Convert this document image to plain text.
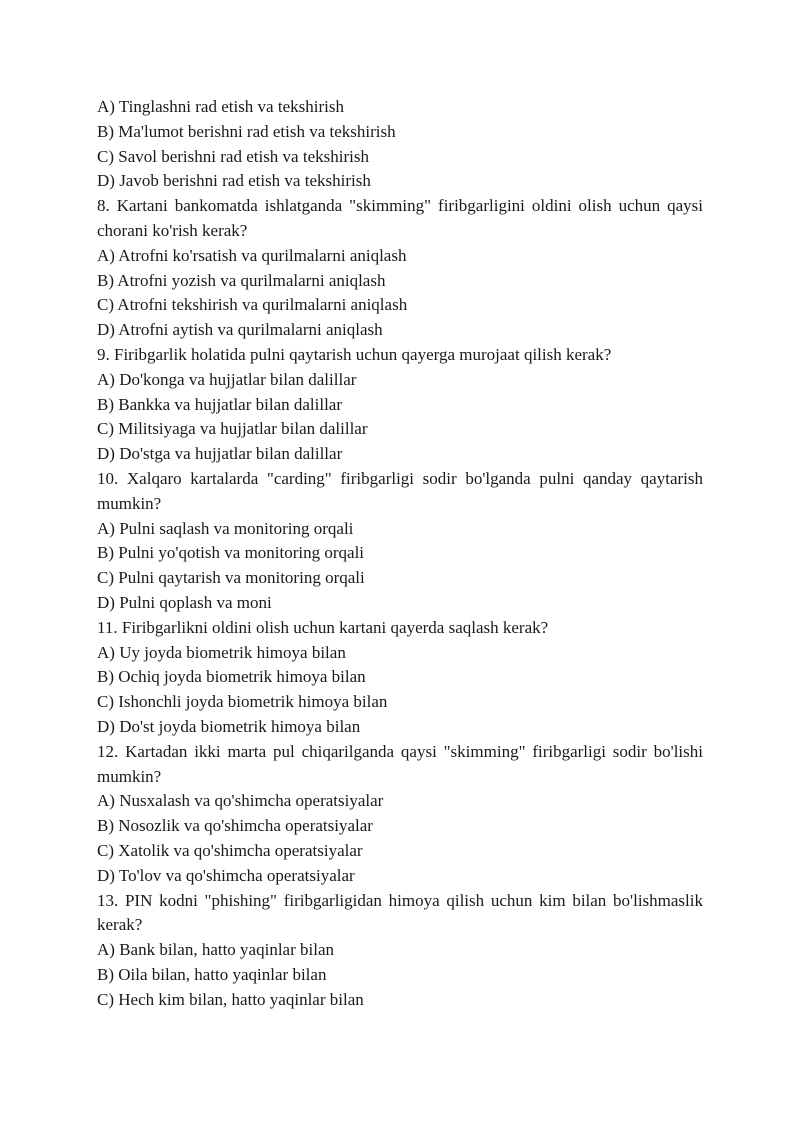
A) Tinglashni rad etish va tekshirish
B) Ma'lumot berishni rad etish va tekshirish
C) Savol berishni rad etish va tekshirish
D) Javob berishni rad etish va tekshirish
8. Kartani bankomatda ishlatganda "skimming" firibgarligini oldini olish uchun qaysi chorani ko'rish kerak?
A) Atrofni ko'rsatish va qurilmalarni aniqlash
B) Atrofni yozish va qurilmalarni aniqlash
C) Atrofni tekshirish va qurilmalarni aniqlash
D) Atrofni aytish va qurilmalarni aniqlash
9. Firibgarlik holatida pulni qaytarish uchun qayerga murojaat qilish kerak?
A) Do'konga va hujjatlar bilan dalillar
B) Bankka va hujjatlar bilan dalillar
C) Militsiyaga va hujjatlar bilan dalillar
D) Do'stga va hujjatlar bilan dalillar
10. Xalqaro kartalarda "carding" firibgarligi sodir bo'lganda pulni qanday qaytarish mumkin?
A) Pulni saqlash va monitoring orqali
B) Pulni yo'qotish va monitoring orqali
C) Pulni qaytarish va monitoring orqali
D) Pulni qoplash va moni
11. Firibgarlikni oldini olish uchun kartani qayerda saqlash kerak?
A) Uy joyda biometrik himoya bilan
B) Ochiq joyda biometrik himoya bilan
C) Ishonchli joyda biometrik himoya bilan
D) Do'st joyda biometrik himoya bilan
12. Kartadan ikki marta pul chiqarilganda qaysi "skimming" firibgarligi sodir bo'lishi mumkin?
A) Nusxalash va qo'shimcha operatsiyalar
B) Nosozlik va qo'shimcha operatsiyalar
C) Xatolik va qo'shimcha operatsiyalar
D) To'lov va qo'shimcha operatsiyalar
13. PIN kodni "phishing" firibgarligidan himoya qilish uchun kim bilan bo'lishmaslik kerak?
A) Bank bilan, hatto yaqinlar bilan
B) Oila bilan, hatto yaqinlar bilan
C) Hech kim bilan, hatto yaqinlar bilan
